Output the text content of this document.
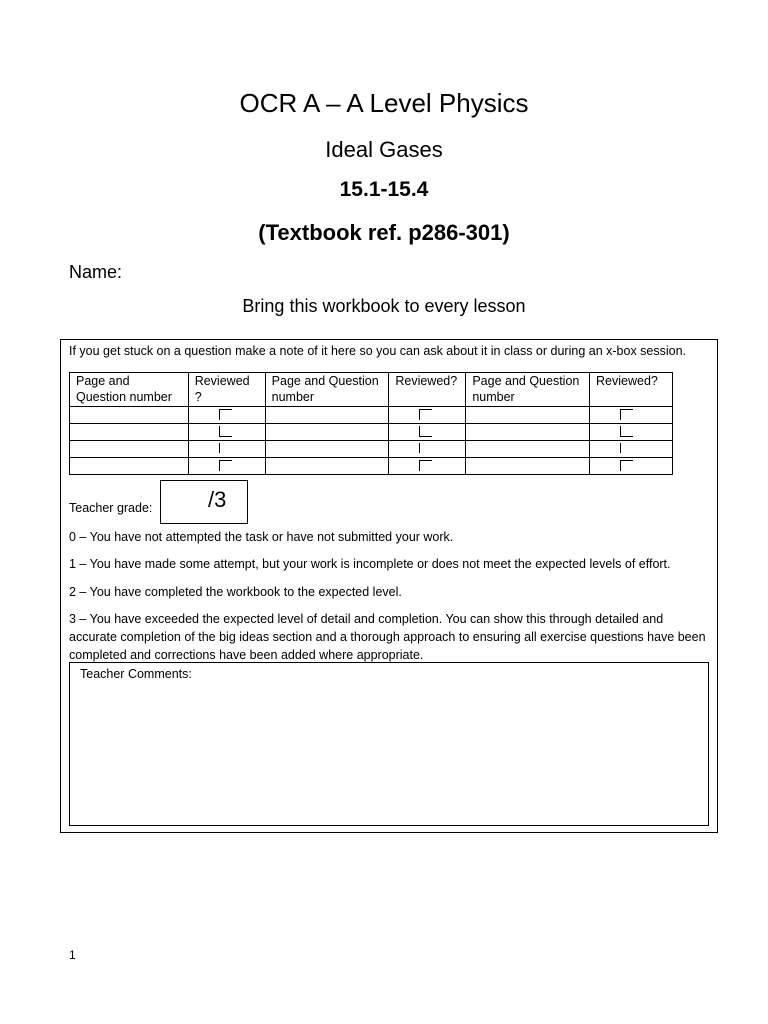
OCR A – A Level Physics
Ideal Gases
15.1-15.4
(Textbook ref. p286-301)
Name:
Bring this workbook to every lesson
If you get stuck on a question make a note of it here so you can ask about it in class or during an x-box session.
Page and Question number	Reviewed ?	Page and Question number	Reviewed?	Page and Question number	Reviewed?

Teacher grade:	/3
0 – You have not attempted the task or have not submitted your work.
1 – You have made some attempt, but your work is incomplete or does not meet the expected levels of effort.
2 – You have completed the workbook to the expected level.
3 – You have exceeded the expected level of detail and completion. You can show this through detailed and accurate completion of the big ideas section and a thorough approach to ensuring all exercise questions have been completed and corrections have been added where appropriate.
Teacher Comments:
1
